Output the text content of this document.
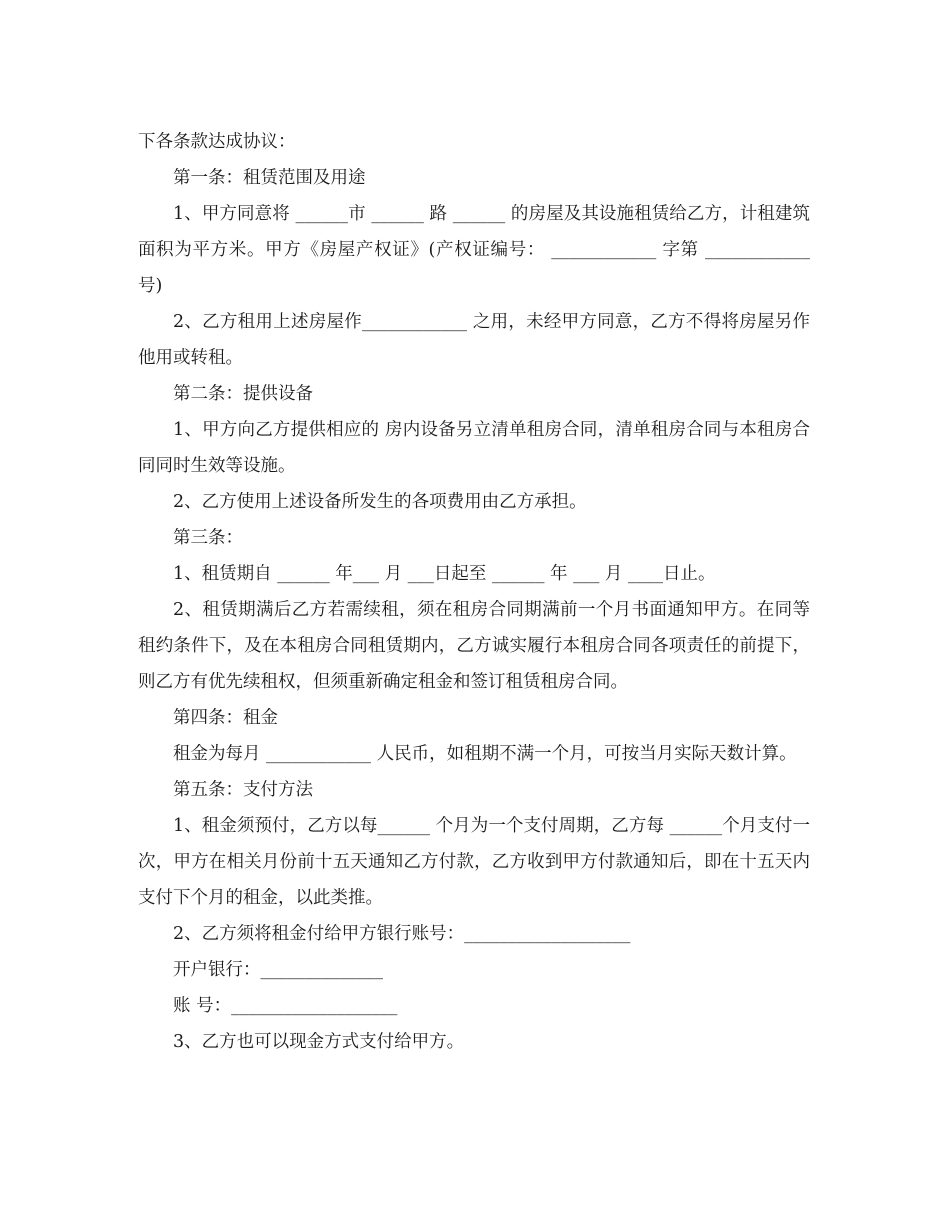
下各条款达成协议：

第一条：租赁范围及用途

1、甲方同意将 ______市 ______ 路 ______ 的房屋及其设施租赁给乙方，计租建筑面积为平方米。甲方《房屋产权证》(产权证编号： ____________ 字第 ____________ 号)

2、乙方租用上述房屋作____________ 之用，未经甲方同意，乙方不得将房屋另作他用或转租。

第二条：提供设备

1、甲方向乙方提供相应的 房内设备另立清单租房合同，清单租房合同与本租房合同同时生效等设施。

2、乙方使用上述设备所发生的各项费用由乙方承担。

第三条：

1、租赁期自 ______ 年___ 月 ___日起至 ______ 年 ___ 月 ____日止。

2、租赁期满后乙方若需续租，须在租房合同期满前一个月书面通知甲方。在同等租约条件下，及在本租房合同租赁期内，乙方诚实履行本租房合同各项责任的前提下，则乙方有优先续租权，但须重新确定租金和签订租赁租房合同。

第四条：租金

租金为每月 ____________ 人民币，如租期不满一个月，可按当月实际天数计算。

第五条：支付方法

1、租金须预付，乙方以每______ 个月为一个支付周期，乙方每 ______个月支付一次，甲方在相关月份前十五天通知乙方付款，乙方收到甲方付款通知后，即在十五天内支付下个月的租金，以此类推。

2、乙方须将租金付给甲方银行账号：___________________

开户银行：______________

账 号：___________________

3、乙方也可以现金方式支付给甲方。
